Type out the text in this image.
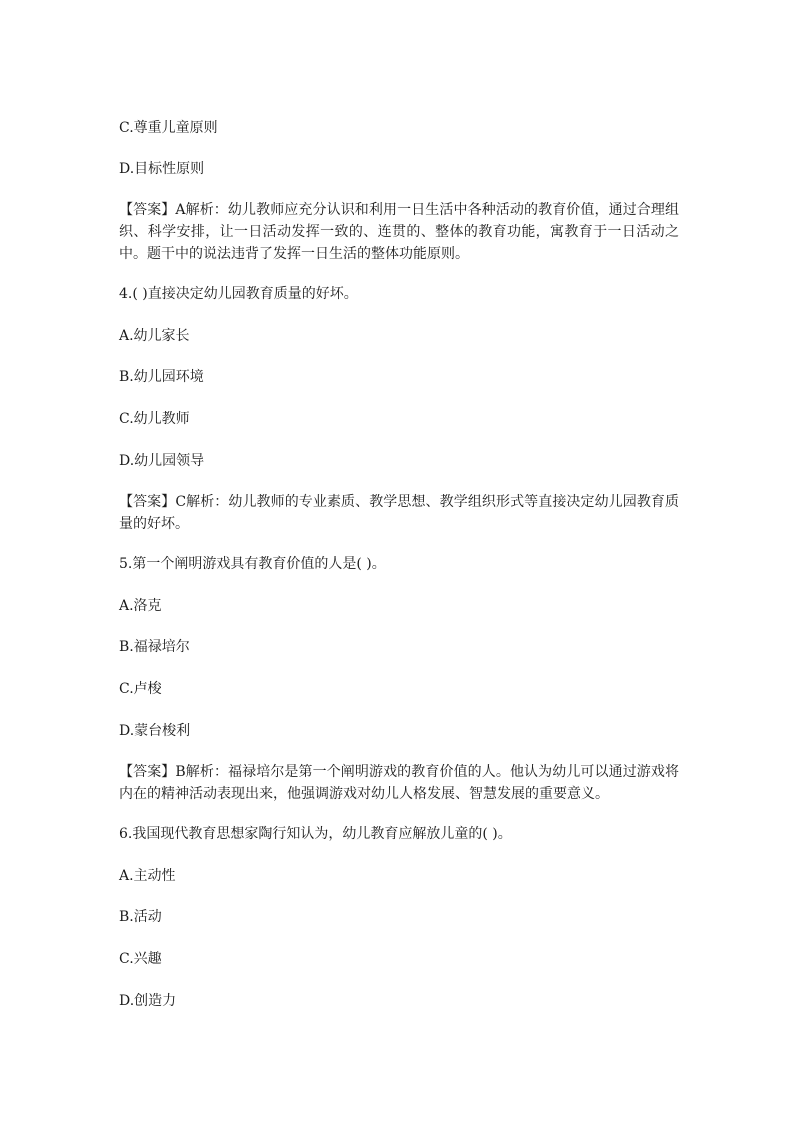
C.尊重儿童原则
D.目标性原则
【答案】A解析：幼儿教师应充分认识和利用一日生活中各种活动的教育价值，通过合理组织、科学安排，让一日活动发挥一致的、连贯的、整体的教育功能，寓教育于一日活动之中。题干中的说法违背了发挥一日生活的整体功能原则。
4.( )直接决定幼儿园教育质量的好坏。
A.幼儿家长
B.幼儿园环境
C.幼儿教师
D.幼儿园领导
【答案】C解析：幼儿教师的专业素质、教学思想、教学组织形式等直接决定幼儿园教育质量的好坏。
5.第一个阐明游戏具有教育价值的人是( )。
A.洛克
B.福禄培尔
C.卢梭
D.蒙台梭利
【答案】B解析：福禄培尔是第一个阐明游戏的教育价值的人。他认为幼儿可以通过游戏将内在的精神活动表现出来，他强调游戏对幼儿人格发展、智慧发展的重要意义。
6.我国现代教育思想家陶行知认为，幼儿教育应解放儿童的( )。
A.主动性
B.活动
C.兴趣
D.创造力
